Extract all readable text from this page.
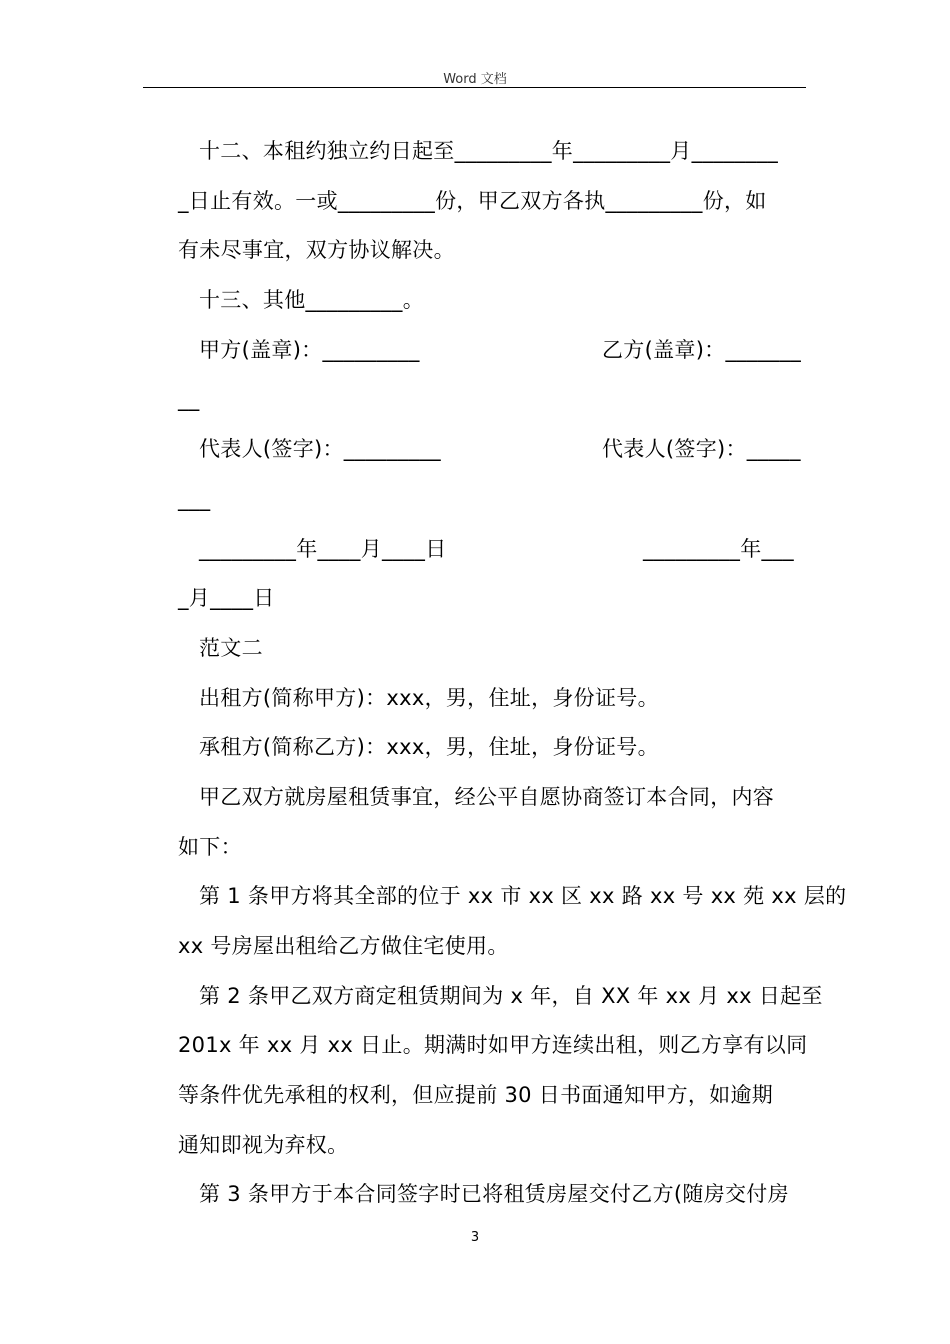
Word 文档
十二、本租约独立约日起至_________年_________月________
_日止有效。一或_________份，甲乙双方各执_________份，如
有未尽事宜，双方协议解决。
十三、其他_________。
甲方(盖章)：_________	乙方(盖章)：_______
__
代表人(签字)：_________	代表人(签字)：_____
___
_________年____月____日	_________年___
_月____日
范文二
出租方(简称甲方)：xxx，男，住址，身份证号。
承租方(简称乙方)：xxx，男，住址，身份证号。
甲乙双方就房屋租赁事宜，经公平自愿协商签订本合同，内容
如下：
第 1 条甲方将其全部的位于 xx 市 xx 区 xx 路 xx 号 xx 苑 xx 层的
xx 号房屋出租给乙方做住宅使用。
第 2 条甲乙双方商定租赁期间为 x 年，自 XX 年 xx 月 xx 日起至
201x 年 xx 月 xx 日止。期满时如甲方连续出租，则乙方享有以同
等条件优先承租的权利，但应提前 30 日书面通知甲方，如逾期
通知即视为弃权。
第 3 条甲方于本合同签字时已将租赁房屋交付乙方(随房交付房
3
